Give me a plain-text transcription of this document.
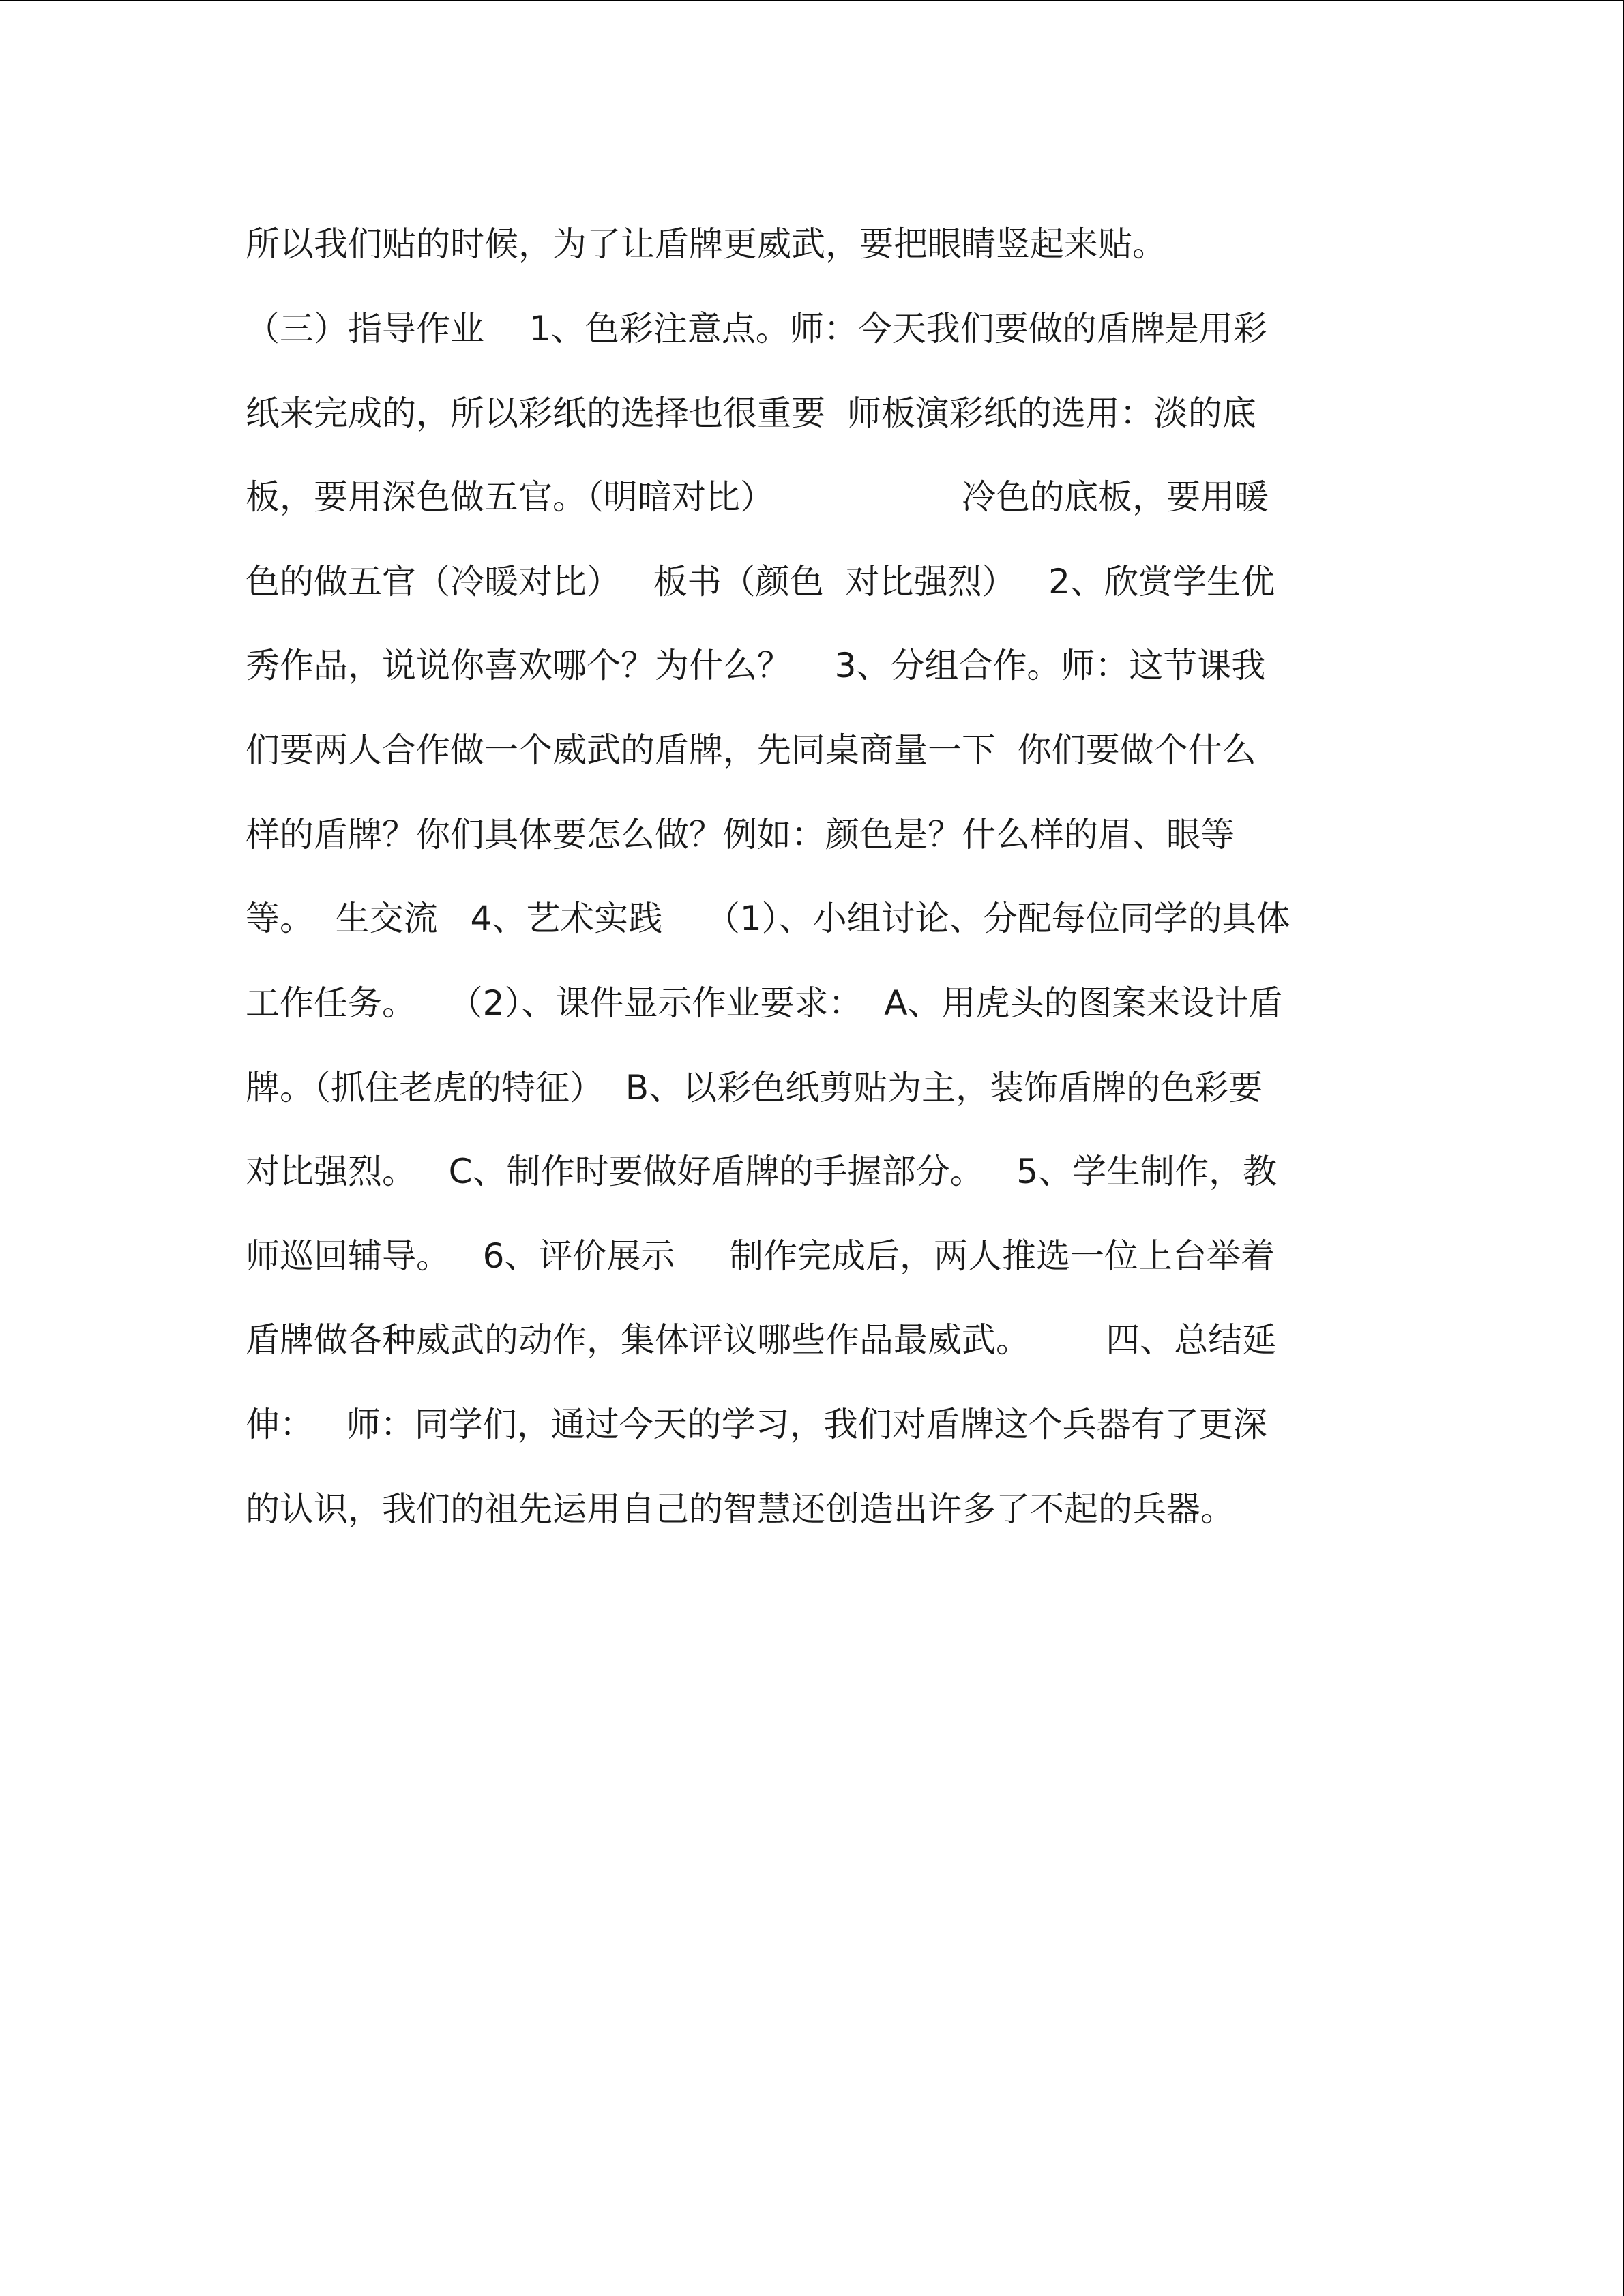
所以我们贴的时候，为了让盾牌更威武，要把眼睛竖起来贴。
（三）指导作业　 1、色彩注意点。师：今天我们要做的盾牌是用彩
纸来完成的，所以彩纸的选择也很重要  师板演彩纸的选用：淡的底
板，要用深色做五官。（明暗对比）　　　　　　冷色的底板，要用暖
色的做五官（冷暖对比）   板书（颜色  对比强烈）   2、欣赏学生优
秀作品，说说你喜欢哪个？为什么？    3、分组合作。师：这节课我
们要两人合作做一个威武的盾牌，先同桌商量一下  你们要做个什么
样的盾牌？你们具体要怎么做？例如：颜色是？什么样的眉、眼等
等。  生交流   4、艺术实践    （1）、小组讨论、分配每位同学的具体
工作任务。   （2）、课件显示作业要求：  A、用虎头的图案来设计盾
牌。（抓住老虎的特征）  B、以彩色纸剪贴为主，装饰盾牌的色彩要
对比强烈。   C、制作时要做好盾牌的手握部分。   5、学生制作，教
师巡回辅导。   6、评价展示     制作完成后，两人推选一位上台举着
盾牌做各种威武的动作，集体评议哪些作品最威武。       四、总结延
伸：   师：同学们，通过今天的学习，我们对盾牌这个兵器有了更深
的认识，我们的祖先运用自己的智慧还创造出许多了不起的兵器。
